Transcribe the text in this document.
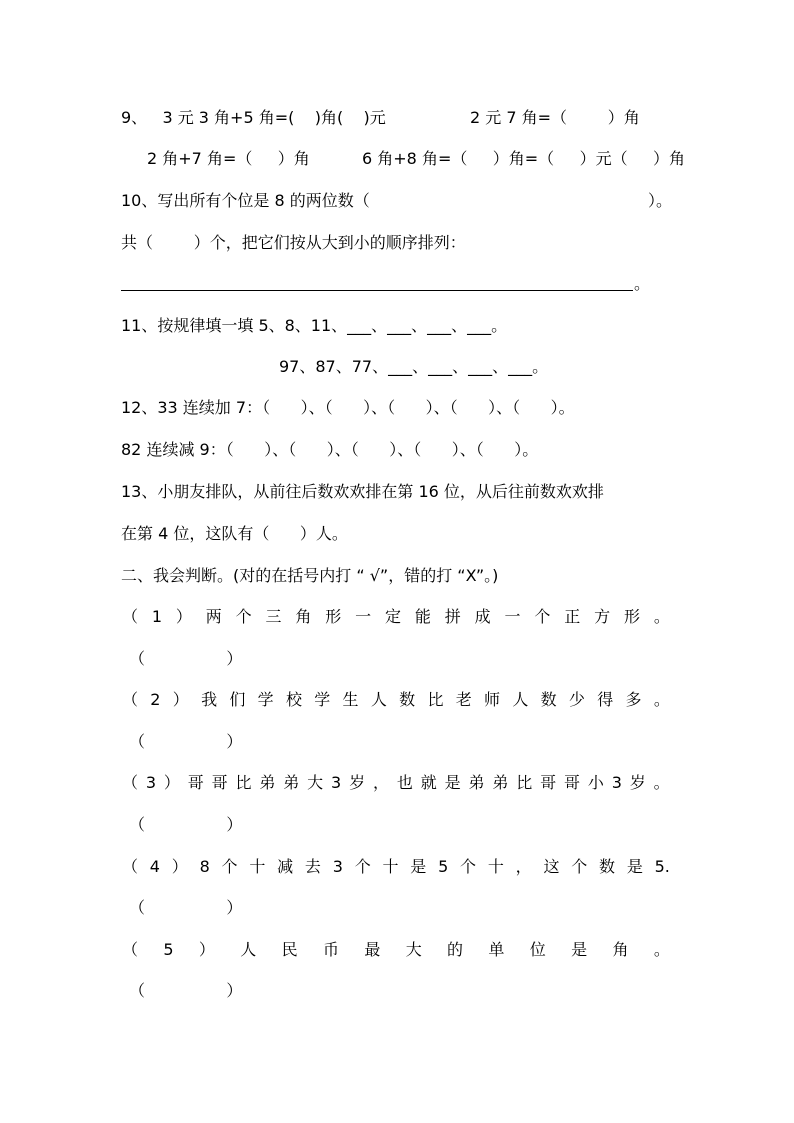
9、   3 元 3 角+5 角=(    )角(    )元	2 元 7 角=（        ）角
2 角+7 角=（     ）角	6 角+8 角=（     ）角=（     ）元（     ）角
10、写出所有个位是 8 的两位数（	）。
共（        ）个，把它们按从大到小的顺序排列：
。
11、按规律填一填 5、8、11、___、___、___、___。
97、87、77、___、___、___、___。
12、33 连续加 7：（      ）、（      ）、（      ）、（      ）、（      ）。
82 连续减 9：（      ）、（      ）、（      ）、（      ）、（      ）。
13、小朋友排队，从前往后数欢欢排在第 16 位，从后往前数欢欢排
在第 4 位，这队有（      ）人。
二、我会判断。(对的在括号内打 “ √”，错的打 “X”。)
（ 1 ） 两 个 三 角 形 一 定 能 拼 成 一 个 正 方 形 。
（                ）
（ 2 ） 我 们 学 校 学 生 人 数 比 老 师 人 数 少 得 多 。
（                ）
（ 3 ） 哥 哥 比 弟 弟 大 3 岁 ， 也 就 是 弟 弟 比 哥 哥 小 3 岁 。
（                ）
（ 4 ） 8 个 十 减 去 3 个 十 是 5 个 十 ， 这 个 数 是 5.
（                ）
（ 5 ） 人 民 币 最 大 的 单 位 是 角 。
（                ）
